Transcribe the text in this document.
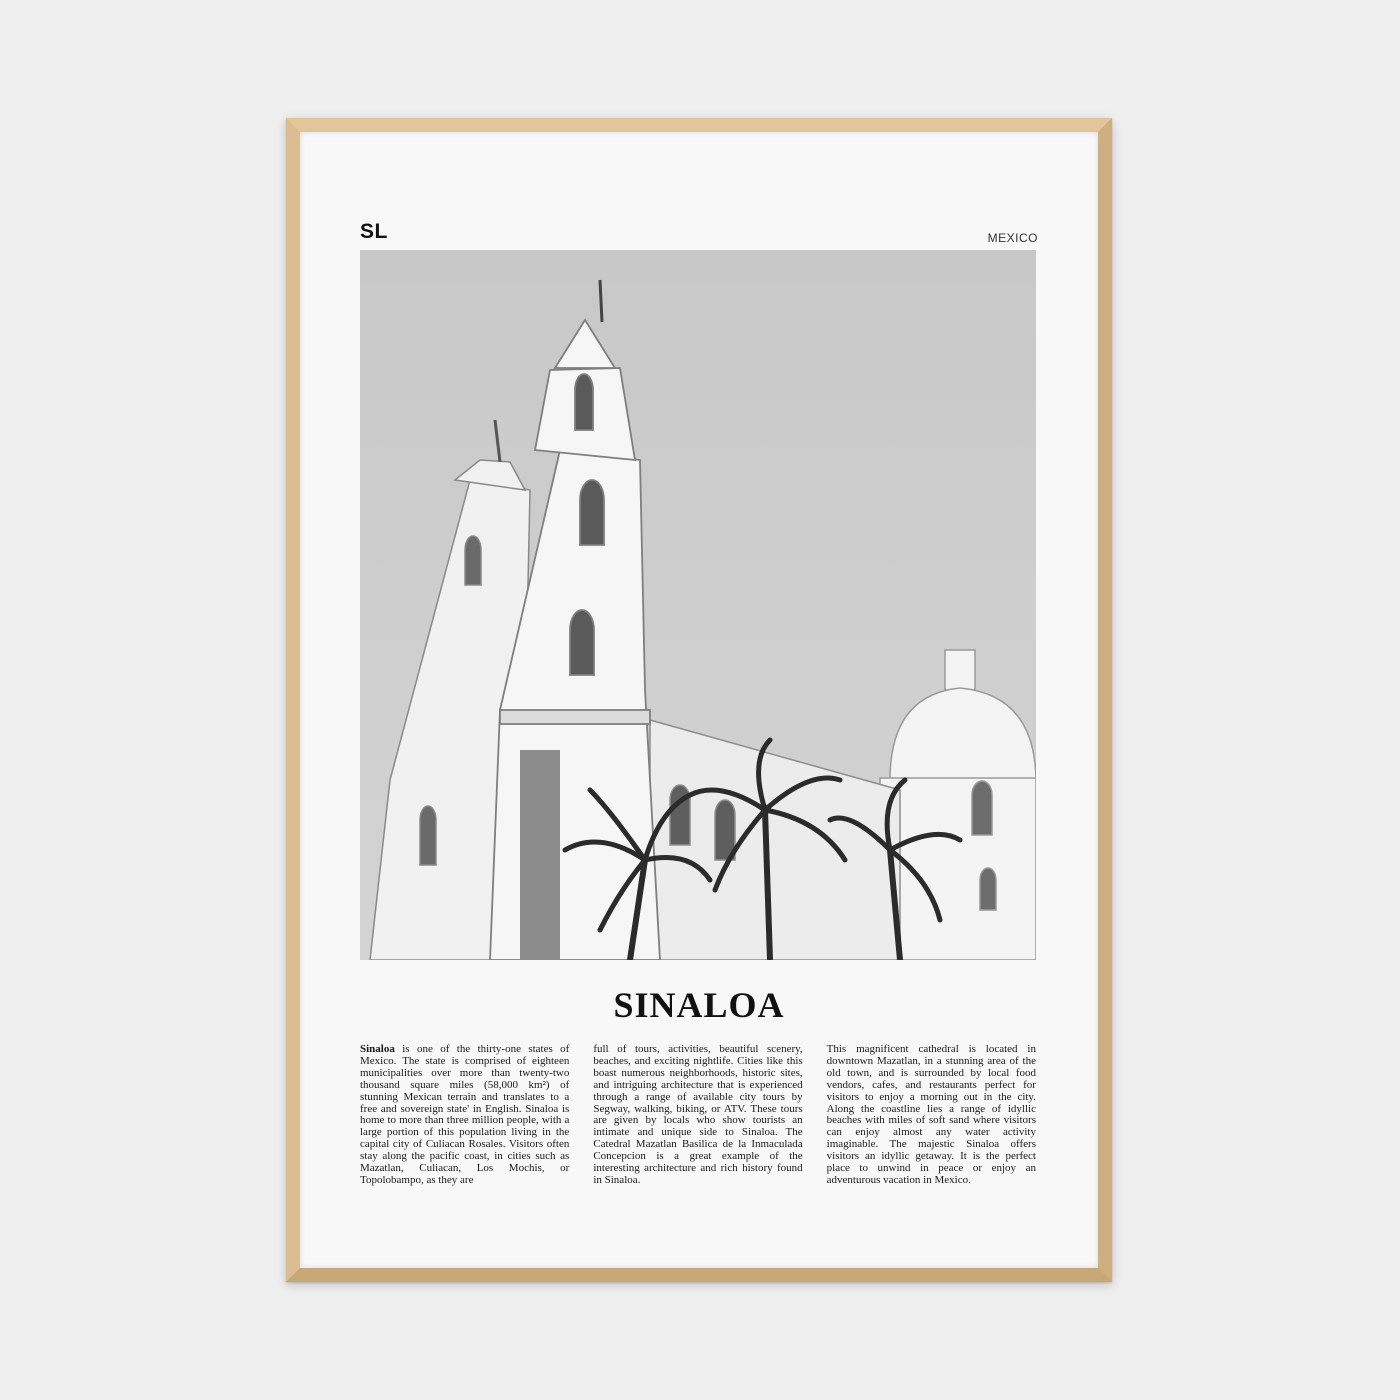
SL	MEXICO
SINALOA
Sinaloa is one of the thirty-one states of Mexico. The state is comprised of eighteen municipalities over more than twenty-two thousand square miles (58,000 km²) of stunning Mexican terrain and translates to a free and sovereign state' in English. Sinaloa is home to more than three million people, with a large portion of this population living in the capital city of Culiacan Rosales. Visitors often stay along the pacific coast, in cities such as Mazatlan, Culiacan, Los Mochis, or Topolobampo, as they are
full of tours, activities, beautiful scenery, beaches, and exciting nightlife. Cities like this boast numerous neighborhoods, historic sites, and intriguing architecture that is experienced through a range of available city tours by Segway, walking, biking, or ATV. These tours are given by locals who show tourists an intimate and unique side to Sinaloa. The Catedral Mazatlan Basilica de la Inmaculada Concepcion is a great example of the interesting architecture and rich history found in Sinaloa.
This magnificent cathedral is located in downtown Mazatlan, in a stunning area of the old town, and is surrounded by local food vendors, cafes, and restaurants perfect for visitors to enjoy a morning out in the city. Along the coastline lies a range of idyllic beaches with miles of soft sand where visitors can enjoy almost any water activity imaginable. The majestic Sinaloa offers visitors an idyllic getaway. It is the perfect place to unwind in peace or enjoy an adventurous vacation in Mexico.
